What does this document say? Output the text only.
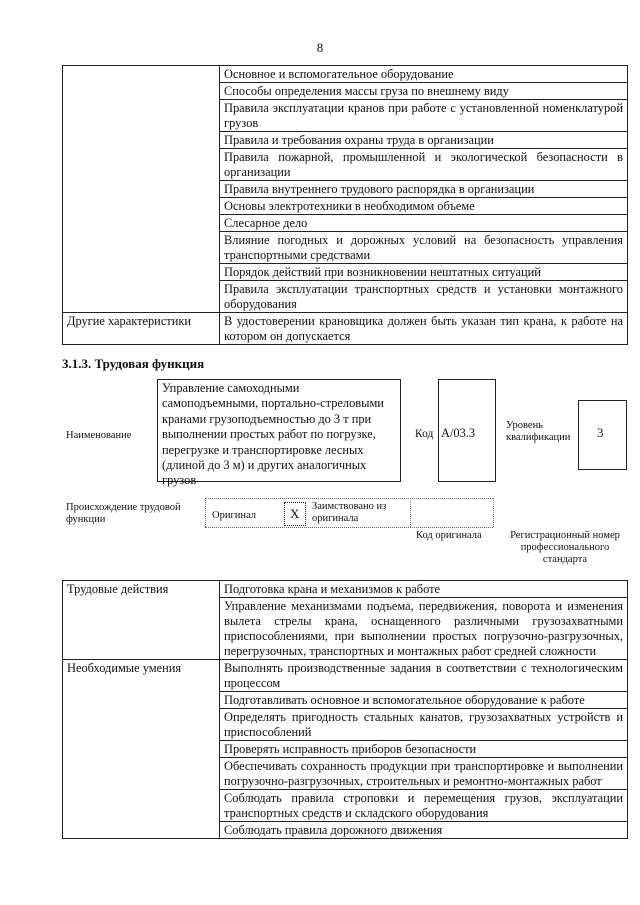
8
	Основное и вспомогательное оборудование
	Способы определения массы груза по внешнему виду
	Правила эксплуатации кранов при работе с установленной номенклатурой грузов
	Правила и требования охраны труда в организации
	Правила пожарной, промышленной и экологической безопасности в организации
	Правила внутреннего трудового распорядка в организации
	Основы электротехники в необходимом объеме
	Слесарное дело
	Влияние погодных и дорожных условий на безопасность управления транспортными средствами
	Порядок действий при возникновении нештатных ситуаций
	Правила эксплуатации транспортных средств и установки монтажного оборудования
Другие характеристики	В удостоверении крановщика должен быть указан тип крана, к работе на котором он допускается
3.1.3. Трудовая функция
Наименование
Управление самоходными самоподъемными, портально-стреловыми кранами грузоподъемностью до 3 т при выполнении простых работ по погрузке, перегрузке и транспортировке лесных (длиной до 3 м) и других аналогичных грузов
Код A/03.3
Уровень квалификации	3
Происхождение трудовой функции	Оригинал	X Заимствовано из оригинала
Код оригинала	Регистрационный номер профессионального стандарта
Трудовые действия	Подготовка крана и механизмов к работе
	Управление механизмами подъема, передвижения, поворота и изменения вылета стрелы крана, оснащенного различными грузозахватными приспособлениями, при выполнении простых погрузочно-разгрузочных, перегрузочных, транспортных и монтажных работ средней сложности
Необходимые умения	Выполнять производственные задания в соответствии с технологическим процессом
	Подготавливать основное и вспомогательное оборудование к работе
	Определять пригодность стальных канатов, грузозахватных устройств и приспособлений
	Проверять исправность приборов безопасности
	Обеспечивать сохранность продукции при транспортировке и выполнении погрузочно-разгрузочных, строительных и ремонтно-монтажных работ
	Соблюдать правила строповки и перемещения грузов, эксплуатации транспортных средств и складского оборудования
	Соблюдать правила дорожного движения
